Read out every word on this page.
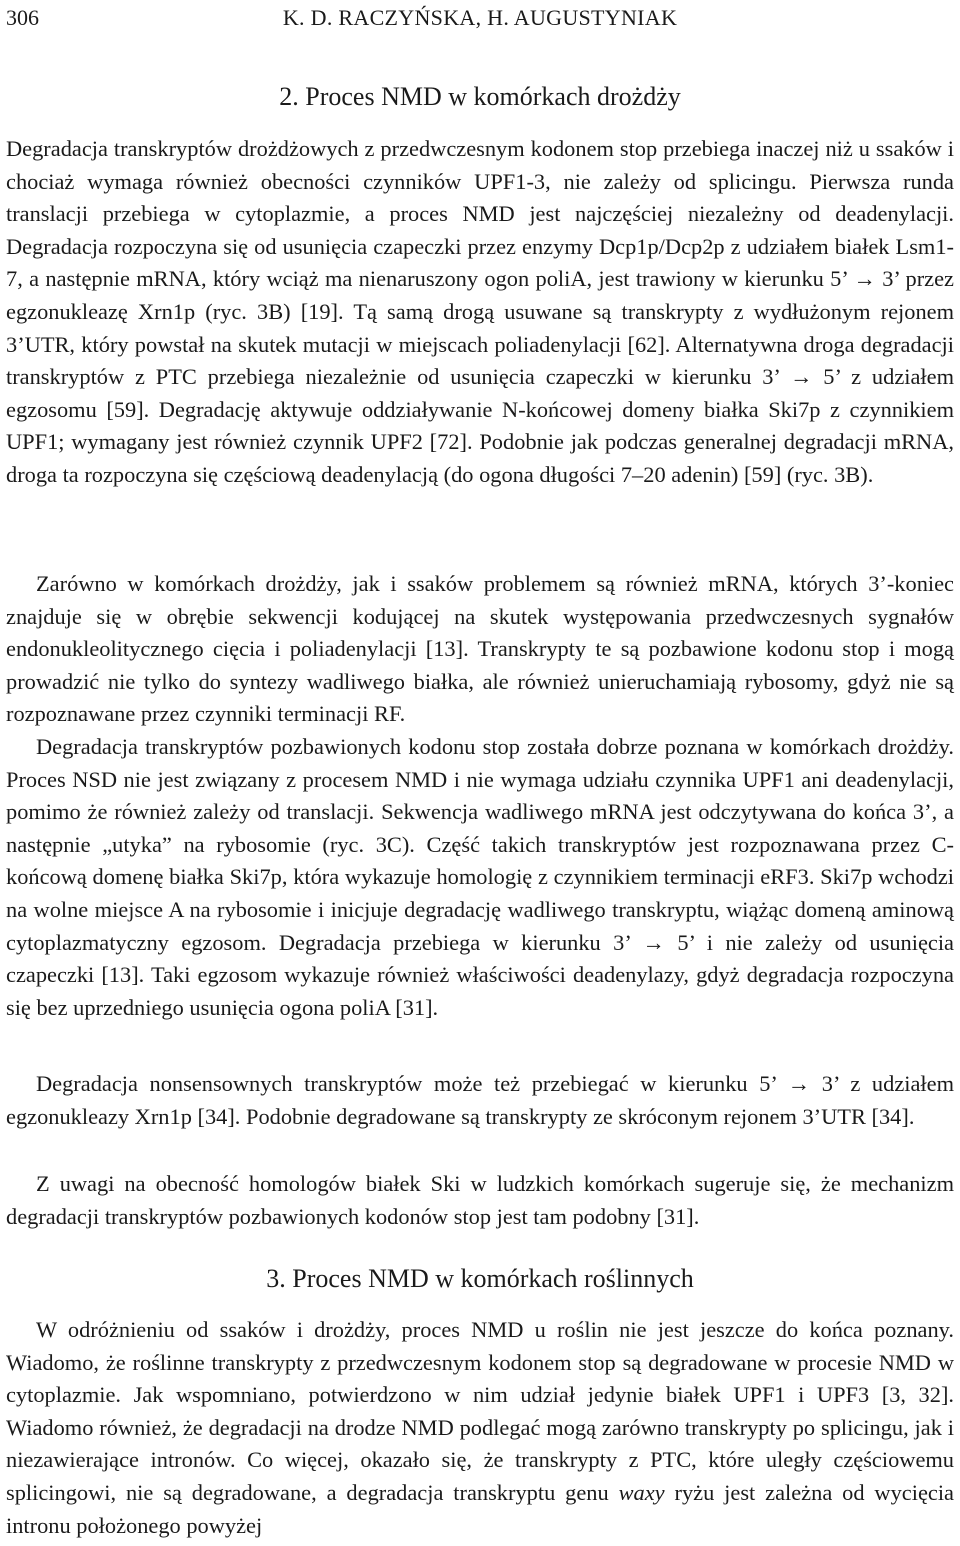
306	K. D. RACZYŃSKA, H. AUGUSTYNIAK
2. Proces NMD w komórkach drożdży

Degradacja transkryptów drożdżowych z przedwczesnym kodonem stop przebiega inaczej niż u ssaków i chociaż wymaga również obecności czynników UPF1-3, nie zależy od splicingu. Pierwsza runda translacji przebiega w cytoplazmie, a proces NMD jest najczęściej niezależny od deadenylacji. Degradacja rozpoczyna się od usunięcia czapeczki przez enzymy Dcp1p/Dcp2p z udziałem białek Lsm1-7, a następnie mRNA, który wciąż ma nienaruszony ogon poliA, jest trawiony w kierunku 5’ → 3’ przez egzonukleazę Xrn1p (ryc. 3B) [19]. Tą samą drogą usuwane są transkrypty z wydłużonym rejonem 3’UTR, który powstał na skutek mutacji w miejscach poliadenylacji [62]. Alternatywna droga degradacji transkryptów z PTC przebiega niezależnie od usunięcia czapeczki w kierunku 3’ → 5’ z udziałem egzosomu [59]. Degradację aktywuje oddziaływanie N-końcowej domeny białka Ski7p z czynnikiem UPF1; wymagany jest również czynnik UPF2 [72]. Podobnie jak podczas generalnej degradacji mRNA, droga ta rozpoczyna się częściową deadenylacją (do ogona długości 7–20 adenin) [59] (ryc. 3B).

Zarówno w komórkach drożdży, jak i ssaków problemem są również mRNA, których 3’-koniec znajduje się w obrębie sekwencji kodującej na skutek występowania przedwczesnych sygnałów endonukleolitycznego cięcia i poliadenylacji [13]. Transkrypty te są pozbawione kodonu stop i mogą prowadzić nie tylko do syntezy wadliwego białka, ale również unieruchamiają rybosomy, gdyż nie są rozpoznawane przez czynniki terminacji RF.

Degradacja transkryptów pozbawionych kodonu stop została dobrze poznana w komórkach drożdży. Proces NSD nie jest związany z procesem NMD i nie wymaga udziału czynnika UPF1 ani deadenylacji, pomimo że również zależy od translacji. Sekwencja wadliwego mRNA jest odczytywana do końca 3’, a następnie „utyka” na rybosomie (ryc. 3C). Część takich transkryptów jest rozpoznawana przez C-końcową domenę białka Ski7p, która wykazuje homologię z czynnikiem terminacji eRF3. Ski7p wchodzi na wolne miejsce A na rybosomie i inicjuje degradację wadliwego transkryptu, wiążąc domeną aminową cytoplazmatyczny egzosom. Degradacja przebiega w kierunku 3’ → 5’ i nie zależy od usunięcia czapeczki [13]. Taki egzosom wykazuje również właściwości deadenylazy, gdyż degradacja rozpoczyna się bez uprzedniego usunięcia ogona poliA [31].

Degradacja nonsensownych transkryptów może też przebiegać w kierunku 5’ → 3’ z udziałem egzonukleazy Xrn1p [34]. Podobnie degradowane są transkrypty ze skróconym rejonem 3’UTR [34].

Z uwagi na obecność homologów białek Ski w ludzkich komórkach sugeruje się, że mechanizm degradacji transkryptów pozbawionych kodonów stop jest tam podobny [31].

3. Proces NMD w komórkach roślinnych

W odróżnieniu od ssaków i drożdży, proces NMD u roślin nie jest jeszcze do końca poznany. Wiadomo, że roślinne transkrypty z przedwczesnym kodonem stop są degradowane w procesie NMD w cytoplazmie. Jak wspomniano, potwierdzono w nim udział jedynie białek UPF1 i UPF3 [3, 32]. Wiadomo również, że degradacji na drodze NMD podlegać mogą zarówno transkrypty po splicingu, jak i niezawierające intronów. Co więcej, okazało się, że transkrypty z PTC, które uległy częściowemu splicingowi, nie są degradowane, a degradacja transkryptu genu waxy ryżu jest zależna od wycięcia intronu położonego powyżej
